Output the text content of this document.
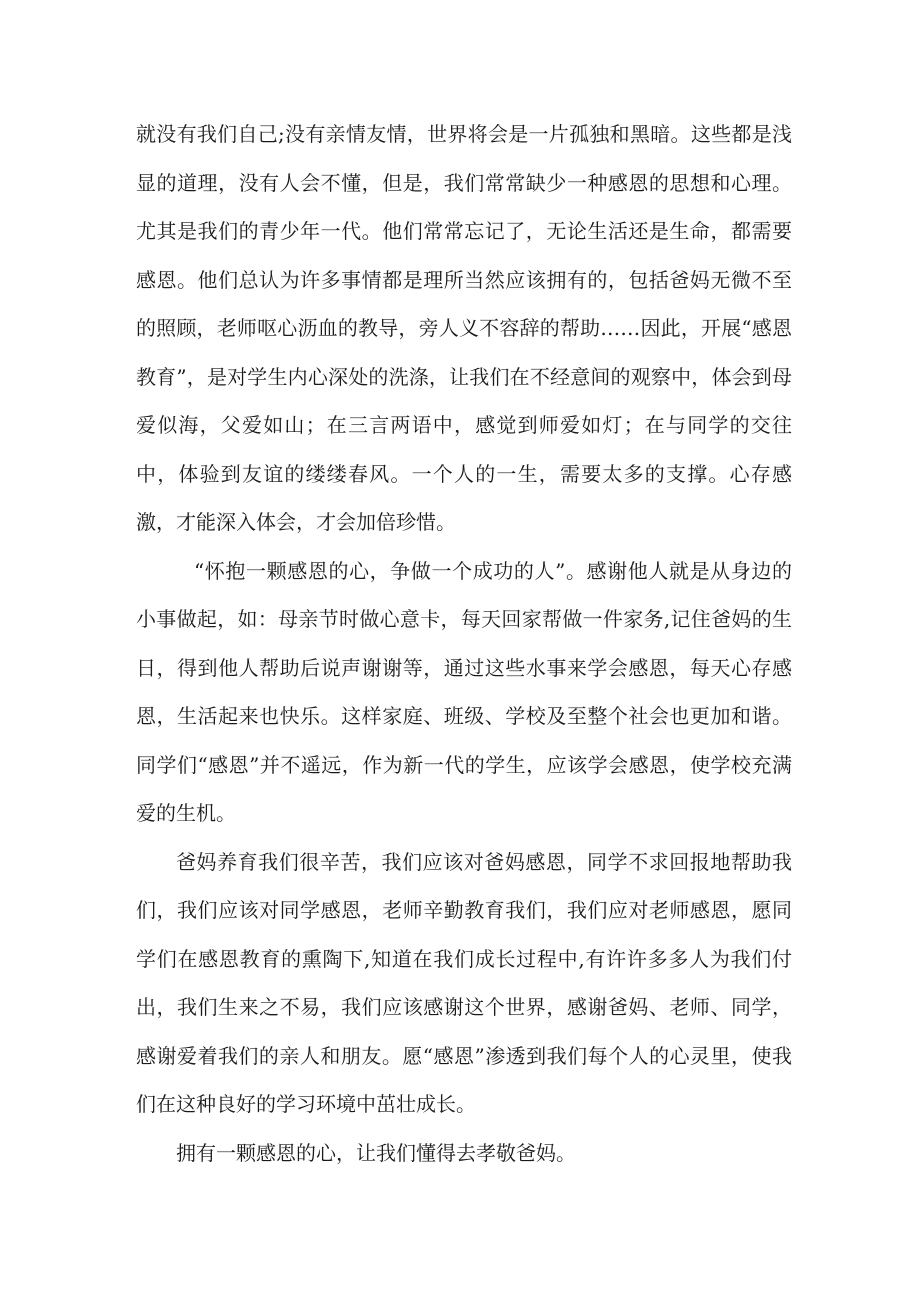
就没有我们自己;没有亲情友情，世界将会是一片孤独和黑暗。这些都是浅显的道理，没有人会不懂，但是，我们常常缺少一种感恩的思想和心理。尤其是我们的青少年一代。他们常常忘记了，无论生活还是生命，都需要感恩。他们总认为许多事情都是理所当然应该拥有的，包括爸妈无微不至的照顾，老师呕心沥血的教导，旁人义不容辞的帮助……因此，开展“感恩教育”，是对学生内心深处的洗涤，让我们在不经意间的观察中，体会到母爱似海，父爱如山；在三言两语中，感觉到师爱如灯；在与同学的交往中，体验到友谊的缕缕春风。一个人的一生，需要太多的支撑。心存感激，才能深入体会，才会加倍珍惜。

“怀抱一颗感恩的心，争做一个成功的人”。感谢他人就是从身边的小事做起，如：母亲节时做心意卡，每天回家帮做一件家务,记住爸妈的生日，得到他人帮助后说声谢谢等，通过这些水事来学会感恩，每天心存感恩，生活起来也快乐。这样家庭、班级、学校及至整个社会也更加和谐。同学们“感恩”并不遥远，作为新一代的学生，应该学会感恩，使学校充满爱的生机。

爸妈养育我们很辛苦，我们应该对爸妈感恩，同学不求回报地帮助我们，我们应该对同学感恩，老师辛勤教育我们，我们应对老师感恩，愿同学们在感恩教育的熏陶下,知道在我们成长过程中,有许许多多人为我们付出，我们生来之不易，我们应该感谢这个世界，感谢爸妈、老师、同学，感谢爱着我们的亲人和朋友。愿“感恩”渗透到我们每个人的心灵里，使我们在这种良好的学习环境中茁壮成长。

拥有一颗感恩的心，让我们懂得去孝敬爸妈。
